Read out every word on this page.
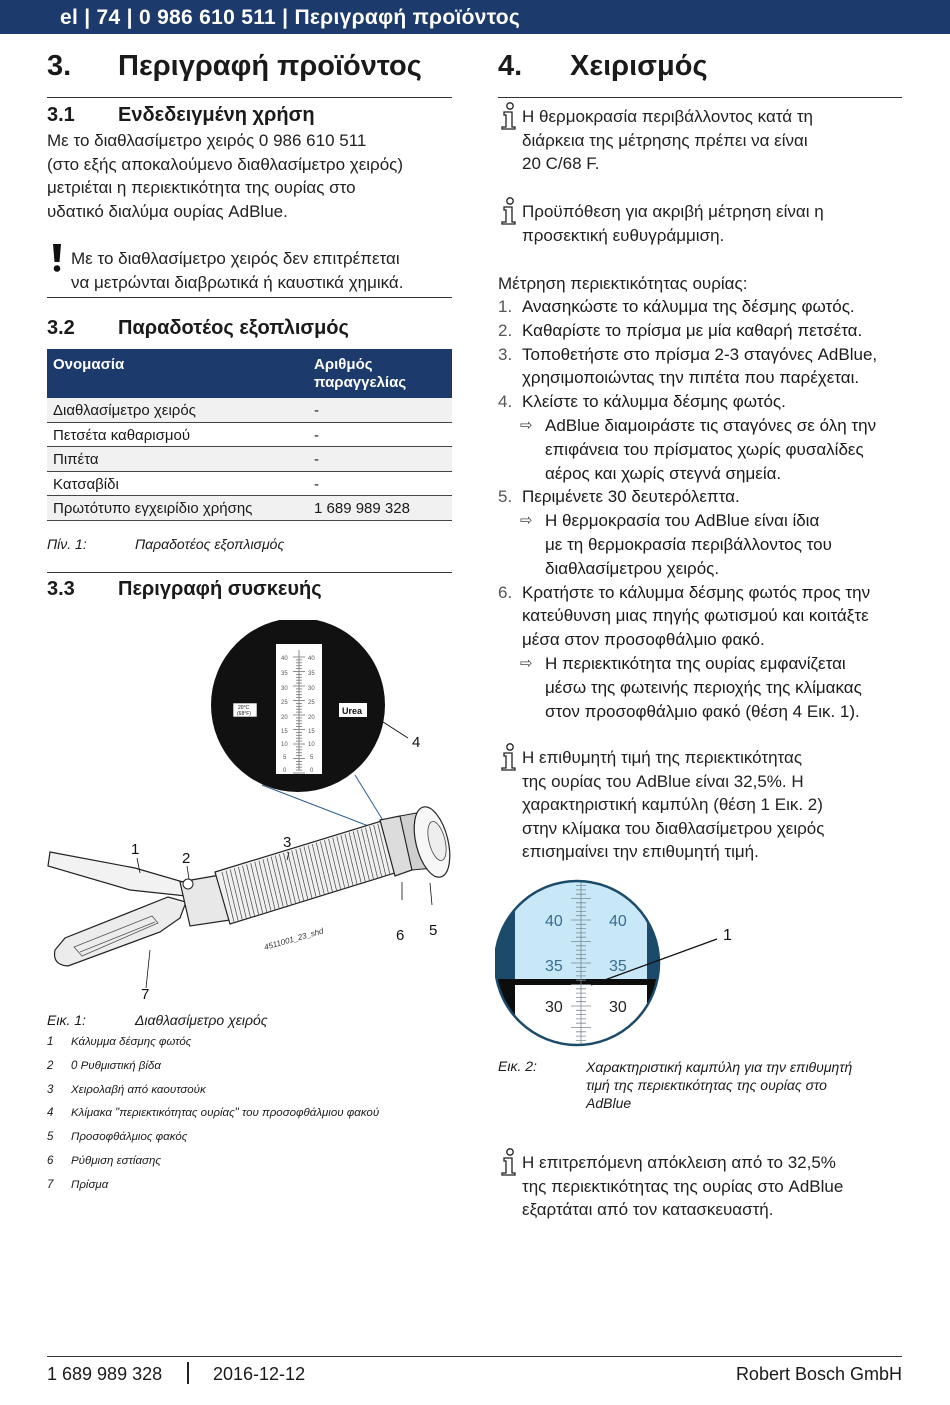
el | 74 | 0 986 610 511 | Περιγραφή προϊόντος
3. Περιγραφή προϊόντος
3.1 Ενδεδειγμένη χρήση
Με το διαθλασίμετρο χειρός 0 986 610 511
(στο εξής αποκαλούμενο διαθλασίμετρο χειρός)
μετριέται η περιεκτικότητα της ουρίας στο
υδατικό διαλύμα ουρίας AdBlue.
Με το διαθλασίμετρο χειρός δεν επιτρέπεται
να μετρώνται διαβρωτικά ή καυστικά χημικά.
3.2 Παραδοτέος εξοπλισμός
Ονομασία	Αριθμός
παραγγελίας
Διαθλασίμετρο χειρός	-
Πετσέτα καθαρισμού	-
Πιπέτα	-
Κατσαβίδι	-
Πρωτότυπο εγχειρίδιο χρήσης	1 689 989 328
Πίν. 1:	Παραδοτέος εξοπλισμός
3.3 Περιγραφή συσκευής
40
35
30
25
20
15
10
5
0
40
35
30
25
20
15
10
5
0
20°C
(68°F)	Urea
1
2
3
4
5
6
7
4511001_23_shd
Εικ. 1:	Διαθλασίμετρο χειρός
1 Κάλυμμα δέσμης φωτός
2 0 Ρυθμιστική βίδα
3 Χειρολαβή από καουτσούκ
4 Κλίμακα "περιεκτικότητας ουρίας" του προσοφθάλμιου φακού
5 Προσοφθάλμιος φακός
6 Ρύθμιση εστίασης
7 Πρίσμα
4. Χειρισμός
Η θερμοκρασία περιβάλλοντος κατά τη
διάρκεια της μέτρησης πρέπει να είναι
20 C/68 F.
Προϋπόθεση για ακριβή μέτρηση είναι η
προσεκτική ευθυγράμμιση.
Μέτρηση περιεκτικότητας ουρίας:
1. Ανασηκώστε το κάλυμμα της δέσμης φωτός.
2. Καθαρίστε το πρίσμα με μία καθαρή πετσέτα.
3. Τοποθετήστε στο πρίσμα 2-3 σταγόνες AdBlue,
χρησιμοποιώντας την πιπέτα που παρέχεται.
4. Κλείστε το κάλυμμα δέσμης φωτός.
⇨ AdBlue διαμοιράστε τις σταγόνες σε όλη την
επιφάνεια του πρίσματος χωρίς φυσαλίδες
αέρος και χωρίς στεγνά σημεία.
5. Περιμένετε 30 δευτερόλεπτα.
⇨ Η θερμοκρασία του AdBlue είναι ίδια
με τη θερμοκρασία περιβάλλοντος του
διαθλασίμετρου χειρός.
6. Κρατήστε το κάλυμμα δέσμης φωτός προς την
κατεύθυνση μιας πηγής φωτισμού και κοιτάξτε
μέσα στον προσοφθάλμιο φακό.
⇨ Η περιεκτικότητα της ουρίας εμφανίζεται
μέσω της φωτεινής περιοχής της κλίμακας
στον προσοφθάλμιο φακό (θέση 4 Εικ. 1).
Η επιθυμητή τιμή της περιεκτικότητας
της ουρίας του AdBlue είναι 32,5%. Η
χαρακτηριστική καμπύλη (θέση 1 Εικ. 2)
στην κλίμακα του διαθλασίμετρου χειρός
επισημαίνει την επιθυμητή τιμή.
40
35
30
40
35
30
1
Εικ. 2:	Χαρακτηριστική καμπύλη για την επιθυμητή
τιμή της περιεκτικότητας της ουρίας στο
AdBlue
Η επιτρεπόμενη απόκλειση από το 32,5%
της περιεκτικότητας της ουρίας στο AdBlue
εξαρτάται από τον κατασκευαστή.
1 689 989 328	2016-12-12	Robert Bosch GmbH
